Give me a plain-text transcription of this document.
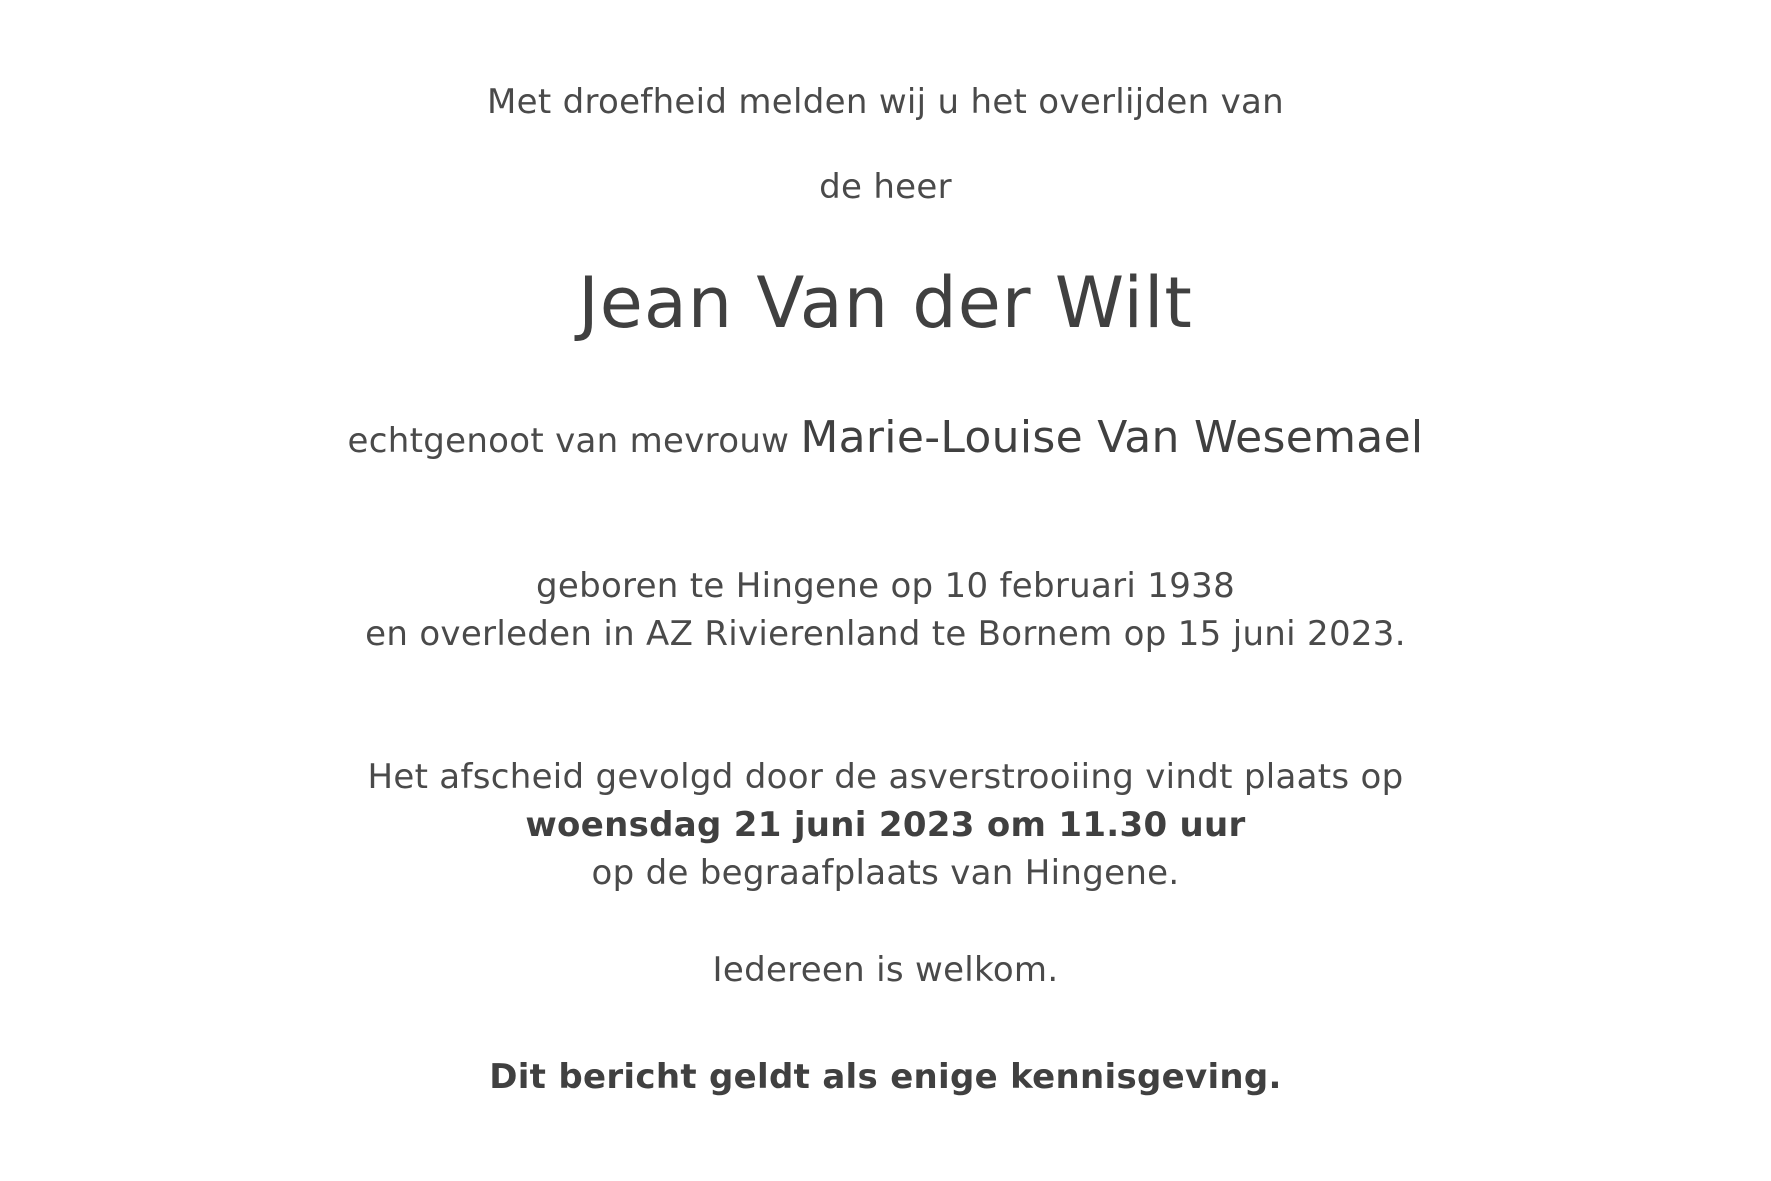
Met droefheid melden wij u het overlijden van
de heer
Jean Van der Wilt
echtgenoot van mevrouw Marie-Louise Van Wesemael
geboren te Hingene op 10 februari 1938
en overleden in AZ Rivierenland te Bornem op 15 juni 2023.
Het afscheid gevolgd door de asverstrooiing vindt plaats op
woensdag 21 juni 2023 om 11.30 uur
op de begraafplaats van Hingene.
Iedereen is welkom.
Dit bericht geldt als enige kennisgeving.
